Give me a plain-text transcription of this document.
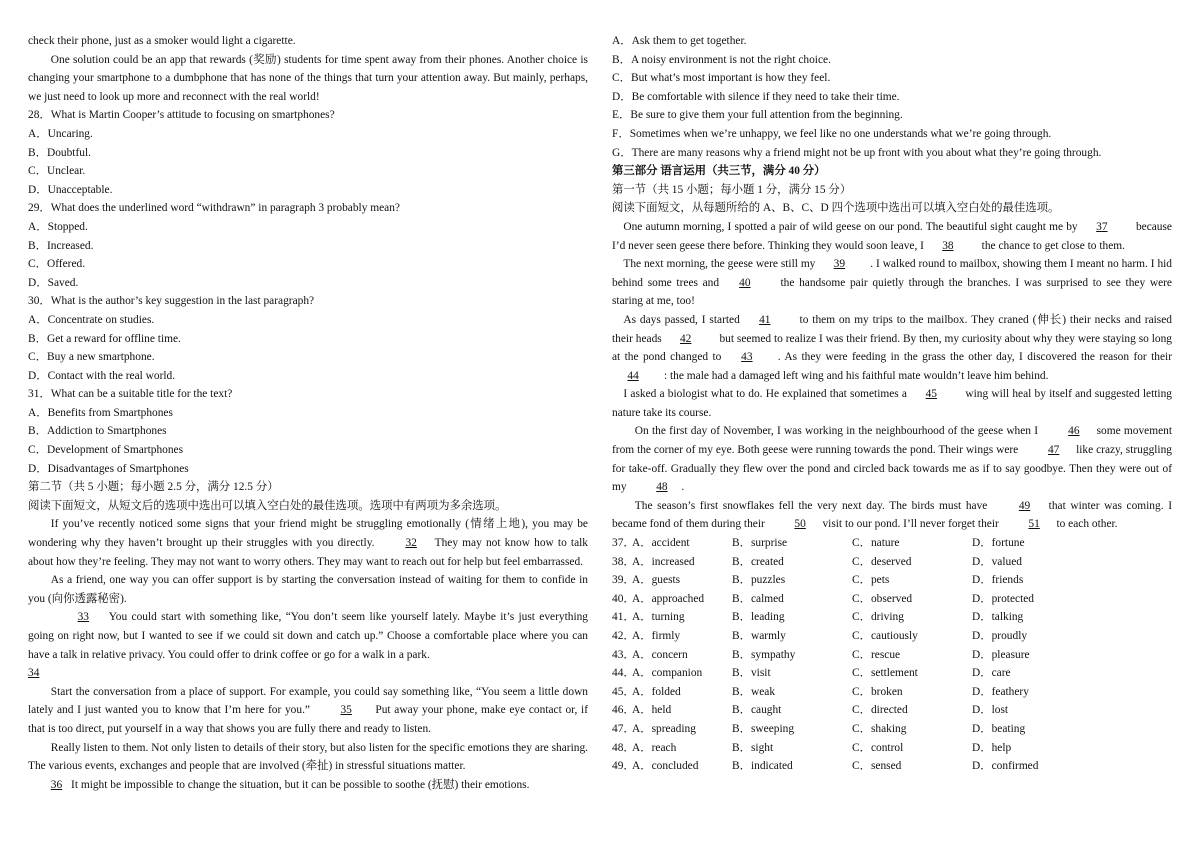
check their phone, just as a smoker would light a cigarette.

One solution could be an app that rewards (奖励) students for time spent away from their phones. Another choice is changing your smartphone to a dumbphone that has none of the things that turn your attention away. But mainly, perhaps, we just need to look up more and reconnect with the real world!

28．What is Martin Cooper’s attitude to focusing on smartphones?

A．Uncaring.

B．Doubtful.

C．Unclear.

D．Unacceptable.

29．What does the underlined word “withdrawn” in paragraph 3 probably mean?

A．Stopped.

B．Increased.

C．Offered.

D．Saved.

30．What is the author’s key suggestion in the last paragraph?

A．Concentrate on studies.

B．Get a reward for offline time.

C．Buy a new smartphone.

D．Contact with the real world.

31．What can be a suitable title for the text?

A．Benefits from Smartphones

B．Addiction to Smartphones

C．Development of Smartphones

D．Disadvantages of Smartphones

第二节（共 5 小题；每小题 2.5 分，满分 12.5 分）

阅读下面短文，从短文后的选项中选出可以填入空白处的最佳选项。选项中有两项为多余选项。

If you’ve recently noticed some signs that your friend might be struggling emotionally (情绪上地), you may be wondering why they haven’t brought up their struggles with you directly. 32 They may not know how to talk about how they’re feeling. They may not want to worry others. They may want to reach out for help but feel embarrassed.

As a friend, one way you can offer support is by starting the conversation instead of waiting for them to confide in you (向你透露秘密).

33 You could start with something like, “You don’t seem like yourself lately. Maybe it’s just everything going on right now, but I wanted to see if we could sit down and catch up.” Choose a comfortable place where you can have a talk in relative privacy. You could offer to drink coffee or go for a walk in a park.

34

Start the conversation from a place of support. For example, you could say something like, “You seem a little down lately and I just wanted you to know that I’m here for you.” 35 Put away your phone, make eye contact or, if that is too direct, put yourself in a way that shows you are fully there and ready to listen.

Really listen to them. Not only listen to details of their story, but also listen for the specific emotions they are sharing. The various events, exchanges and people that are involved (牵扯) in stressful situations matter.
36 It might be impossible to change the situation, but it can be possible to soothe (抚慰) their emotions.

A．Ask them to get together.

B．A noisy environment is not the right choice.

C．But what’s most important is how they feel.

D．Be comfortable with silence if they need to take their time.

E．Be sure to give them your full attention from the beginning.

F．Sometimes when we’re unhappy, we feel like no one understands what we’re going through.

G．There are many reasons why a friend might not be up front with you about what they’re going through.

第三部分 语言运用（共三节，满分 40 分）

第一节（共 15 小题；每小题 1 分，满分 15 分）

阅读下面短文，从每题所给的 A、B、C、D 四个选项中选出可以填入空白处的最佳选项。

One autumn morning, I spotted a pair of wild geese on our pond. The beautiful sight caught me by 37 because I’d never seen geese there before. Thinking they would soon leave, I 38 the chance to get close to them.

The next morning, the geese were still my 39 . I walked round to mailbox, showing them I meant no harm. I hid behind some trees and 40 the handsome pair quietly through the branches. I was surprised to see they were staring at me, too!

As days passed, I started 41 to them on my trips to the mailbox. They craned (伸长) their necks and raised their heads 42 but seemed to realize I was their friend. By then, my curiosity about why they were staying so long at the pond changed to 43 . As they were feeding in the grass the other day, I discovered the reason for their 44 : the male had a damaged left wing and his faithful mate wouldn’t leave him behind.

I asked a biologist what to do. He explained that sometimes a 45 wing will heal by itself and suggested letting nature take its course.

On the first day of November, I was working in the neighbourhood of the geese when I 46 some movement from the corner of my eye. Both geese were running towards the pond. Their wings were 47 like crazy, struggling for take-off. Gradually they flew over the pond and circled back towards me as if to say goodbye. Then they were out of my 48 .

The season’s first snowflakes fell the very next day. The birds must have 49 that winter was coming. I became fond of them during their 50 visit to our pond. I’ll never forget their 51 to each other.

37．
A．accident	B．surprise	C．nature	D．fortune
38．
A．increased	B．created	C．deserved	D．valued
39．
A．guests	B．puzzles	C．pets	D．friends
40．
A．approached	B．calmed	C．observed	D．protected
41．
A．turning	B．leading	C．driving	D．talking
42．
A．firmly	B．warmly	C．cautiously	D．proudly
43．
A．concern	B．sympathy	C．rescue	D．pleasure
44．
A．companion	B．visit	C．settlement	D．care
45．
A．folded	B．weak	C．broken	D．feathery
46．
A．held	B．caught	C．directed	D．lost
47．
A．spreading	B．sweeping	C．shaking	D．beating
48．
A．reach	B．sight	C．control	D．help
49．
A．concluded	B．indicated	C．sensed	D．confirmed
